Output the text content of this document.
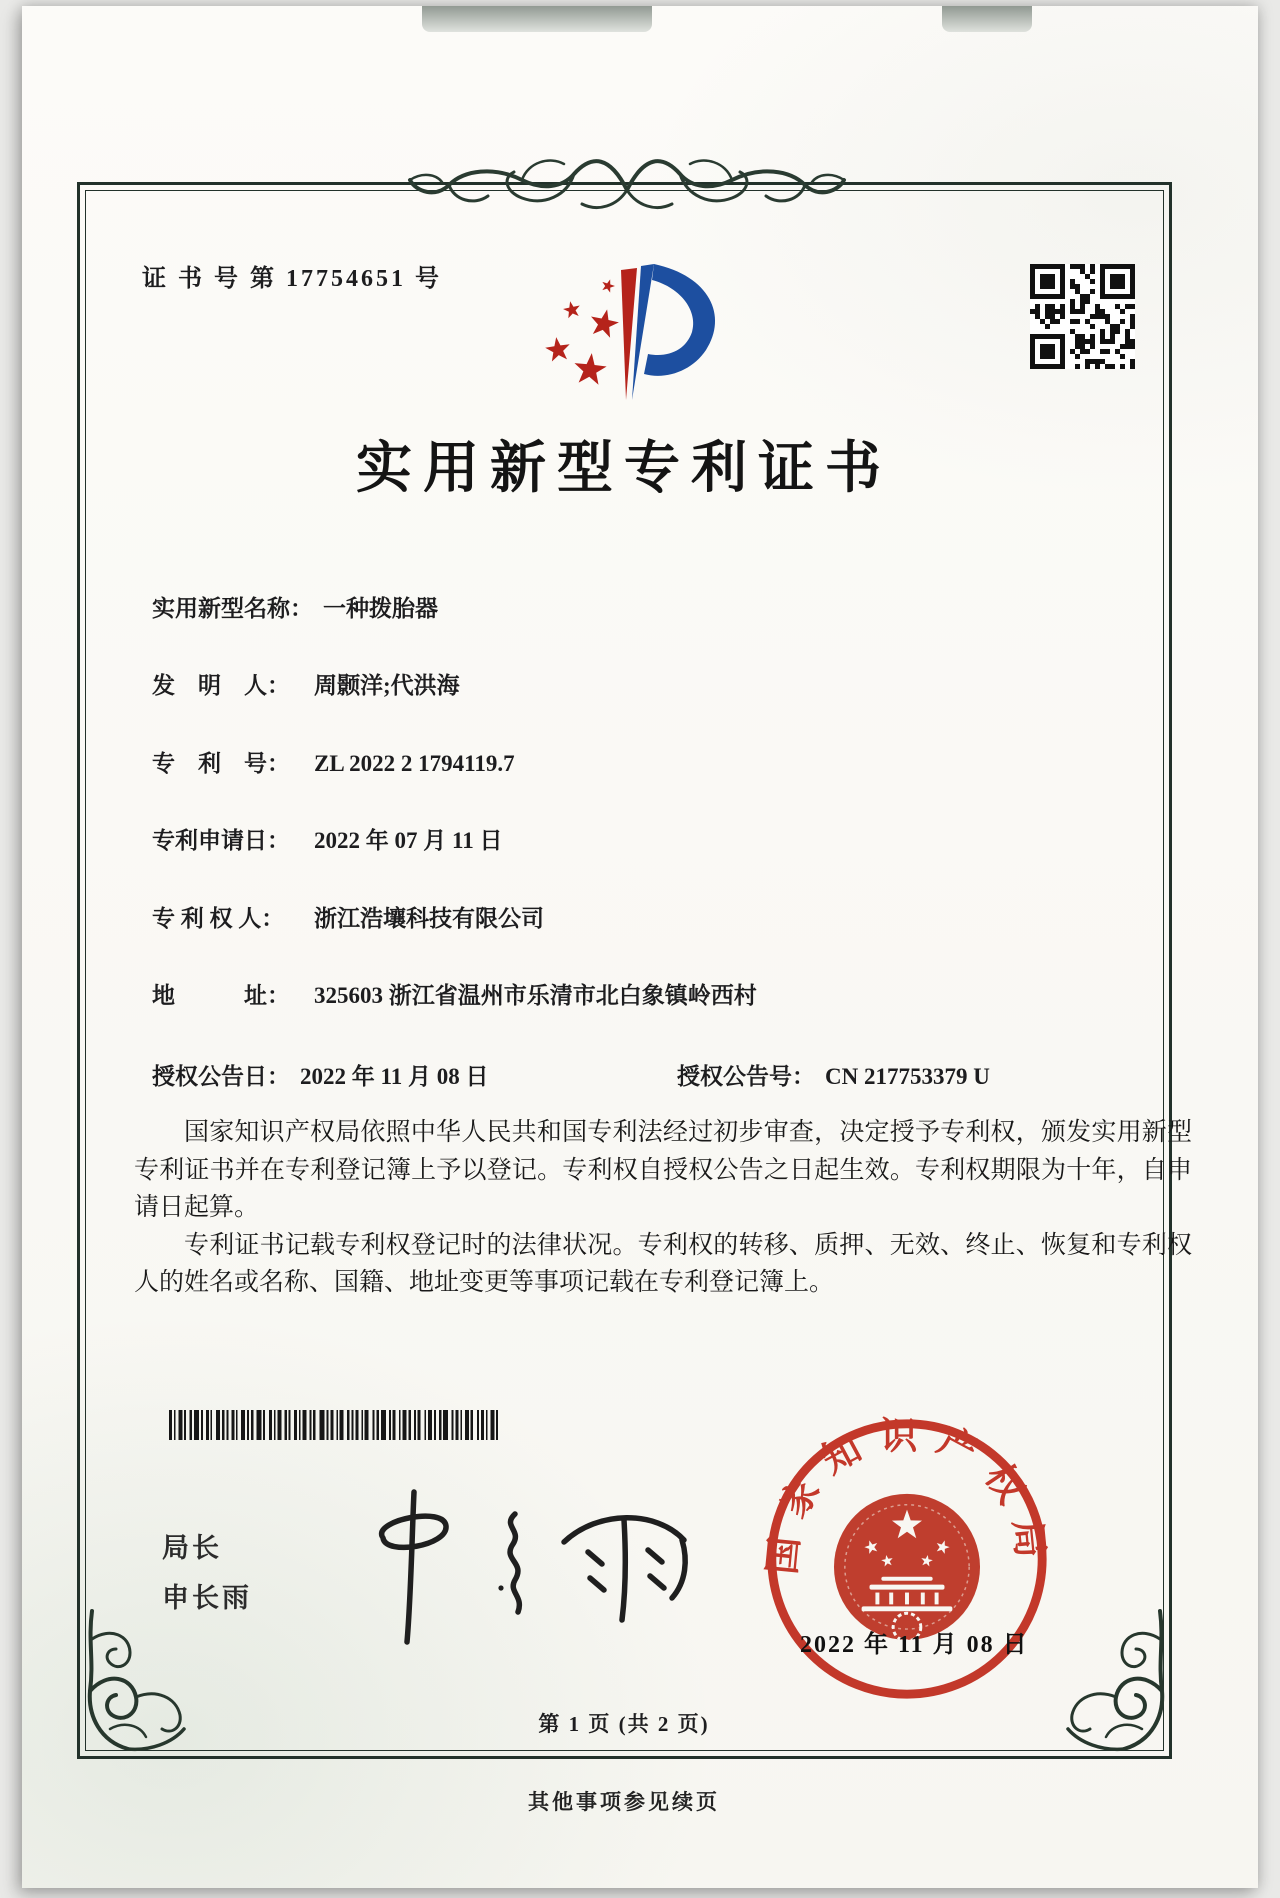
证 书 号 第 17754651 号
实用新型专利证书
实用新型名称： 一种拨胎器
发　明　人： 周颢洋;代洪海
专　利　号： ZL 2022 2 1794119.7
专利申请日： 2022 年 07 月 11 日
专 利 权 人： 浙江浩壤科技有限公司
地　　　址： 325603 浙江省温州市乐清市北白象镇岭西村
授权公告日： 2022 年 11 月 08 日	授权公告号： CN 217753379 U

国家知识产权局依照中华人民共和国专利法经过初步审查，决定授予专利权，颁发实用新型专利证书并在专利登记簿上予以登记。专利权自授权公告之日起生效。专利权期限为十年，自申请日起算。

专利证书记载专利权登记时的法律状况。专利权的转移、质押、无效、终止、恢复和专利权人的姓名或名称、国籍、地址变更等事项记载在专利登记簿上。

局长
申长雨
国家知识产权局
2022 年 11 月 08 日
第 1 页 (共 2 页)
其他事项参见续页
